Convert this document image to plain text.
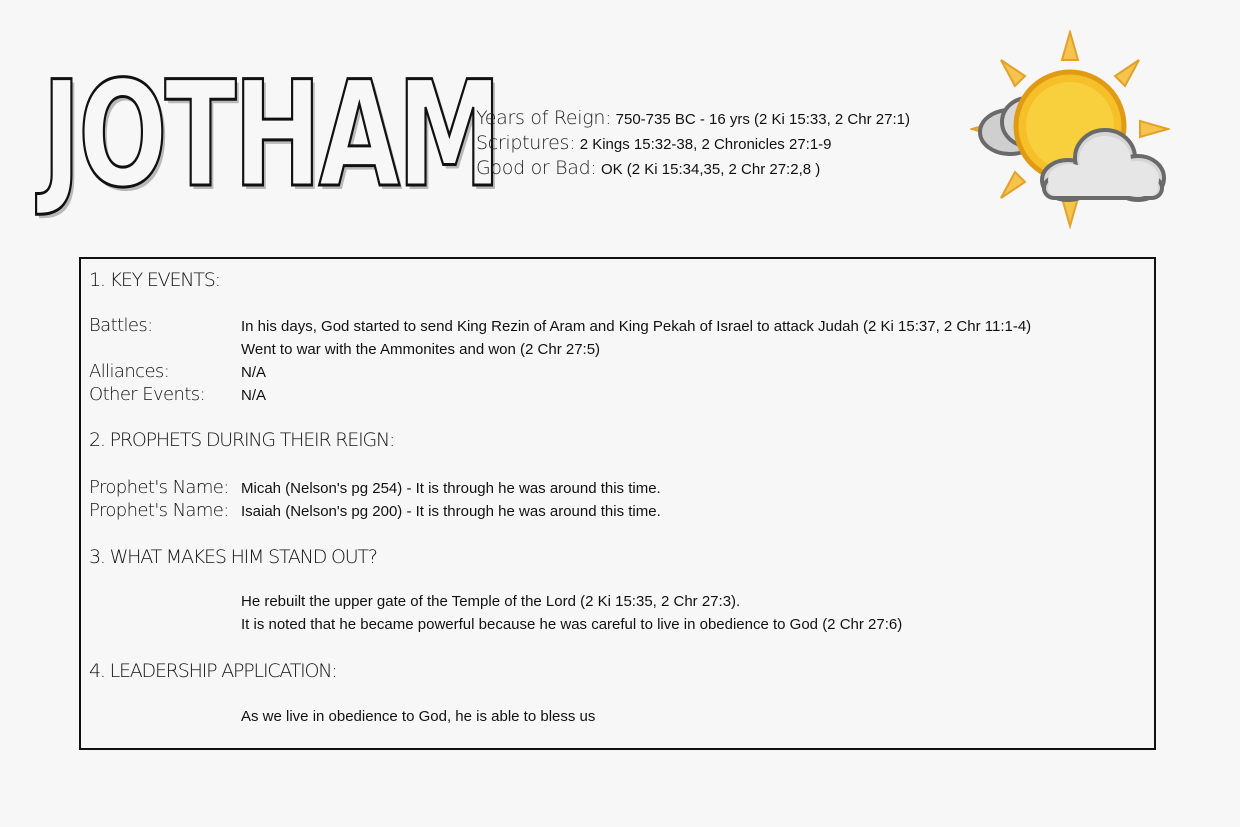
JOTHAM
Years of Reign: 750-735 BC - 16 yrs (2 Ki 15:33, 2 Chr 27:1)
Scriptures: 2 Kings 15:32-38, 2 Chronicles 27:1-9
Good or Bad: OK (2 Ki 15:34,35, 2 Chr 27:2,8 )
1. KEY EVENTS:
Battles:	In his days, God started to send King Rezin of Aram and King Pekah of Israel to attack Judah (2 Ki 15:37, 2 Chr 11:1-4)
Went to war with the Ammonites and won (2 Chr 27:5)
Alliances:	N/A
Other Events: N/A
2. PROPHETS DURING THEIR REIGN:
Prophet's Name: Micah (Nelson's pg 254) - It is through he was around this time.
Prophet's Name: Isaiah (Nelson's pg 200) - It is through he was around this time.
3. WHAT MAKES HIM STAND OUT?
He rebuilt the upper gate of the Temple of the Lord (2 Ki 15:35, 2 Chr 27:3).
It is noted that he became powerful because he was careful to live in obedience to God (2 Chr 27:6)
4. LEADERSHIP APPLICATION:
As we live in obedience to God, he is able to bless us
